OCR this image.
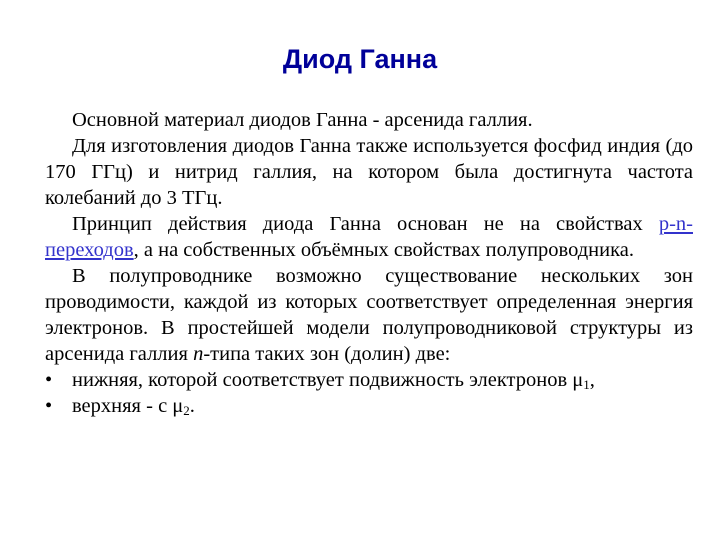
Диод Ганна

Основной материал диодов Ганна - арсенида галлия.

Для изготовления диодов Ганна также используется фосфид индия (до 170 ГГц) и нитрид галлия, на котором была достигнута частота колебаний до 3 ТГц.

Принцип действия диода Ганна основан не на свойствах p-n-переходов, а на собственных объёмных свойствах полупроводника.

В полупроводнике возможно существование нескольких зон проводимости, каждой из которых соответствует определенная энергия электронов. В простейшей модели полупроводниковой структуры из арсенида галлия n-типа таких зон (долин) две:

• нижняя, которой соответствует подвижность электронов $\mu_1$,
• верхняя - с $\mu_2$.
